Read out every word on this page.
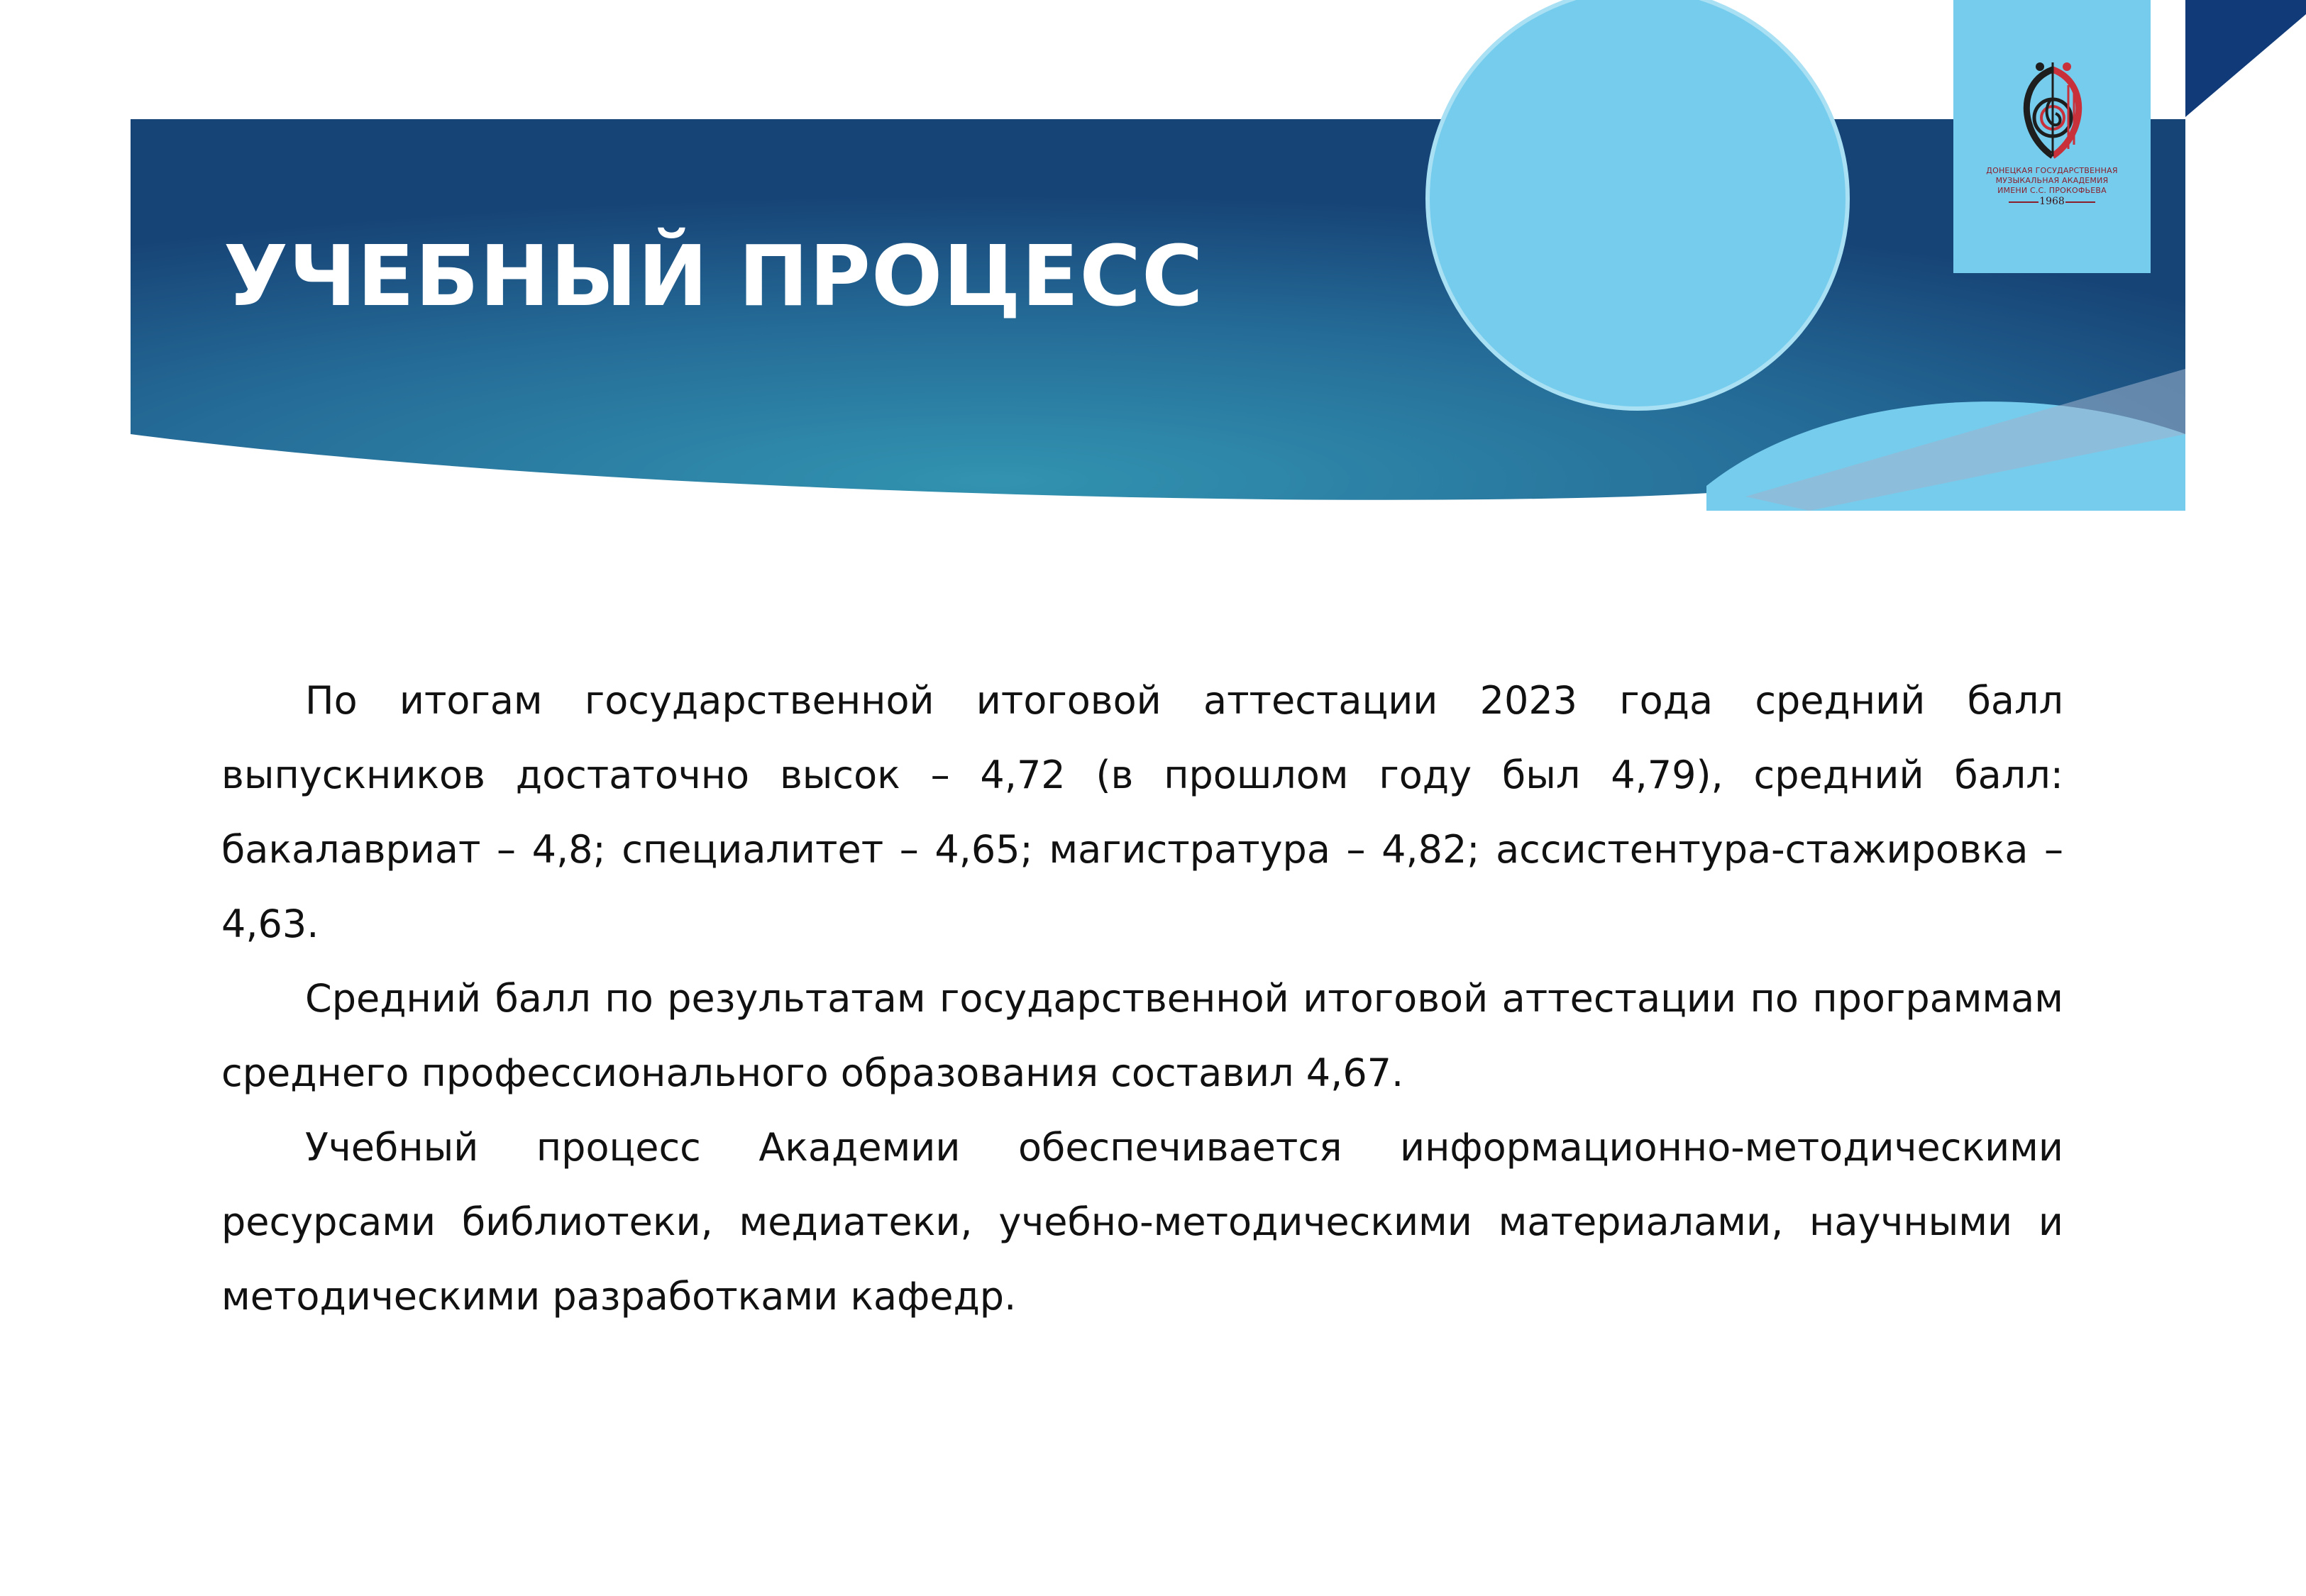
УЧЕБНЫЙ ПРОЦЕСС
ДОНЕЦКАЯ ГОСУДАРСТВЕННАЯ
МУЗЫКАЛЬНАЯ АКАДЕМИЯ
ИМЕНИ С.С. ПРОКОФЬЕВА
1968

По итогам государственной итоговой аттестации 2023 года средний балл выпускников достаточно высок – 4,72 (в прошлом году был 4,79), средний балл: бакалавриат – 4,8; специалитет – 4,65; магистратура – 4,82; ассистентура-стажировка – 4,63.

Средний балл по результатам государственной итоговой аттестации по программам среднего профессионального образования составил 4,67.

Учебный процесс Академии обеспечивается информационно-методическими ресурсами библиотеки, медиатеки, учебно-методическими материалами, научными и методическими разработками кафедр.
